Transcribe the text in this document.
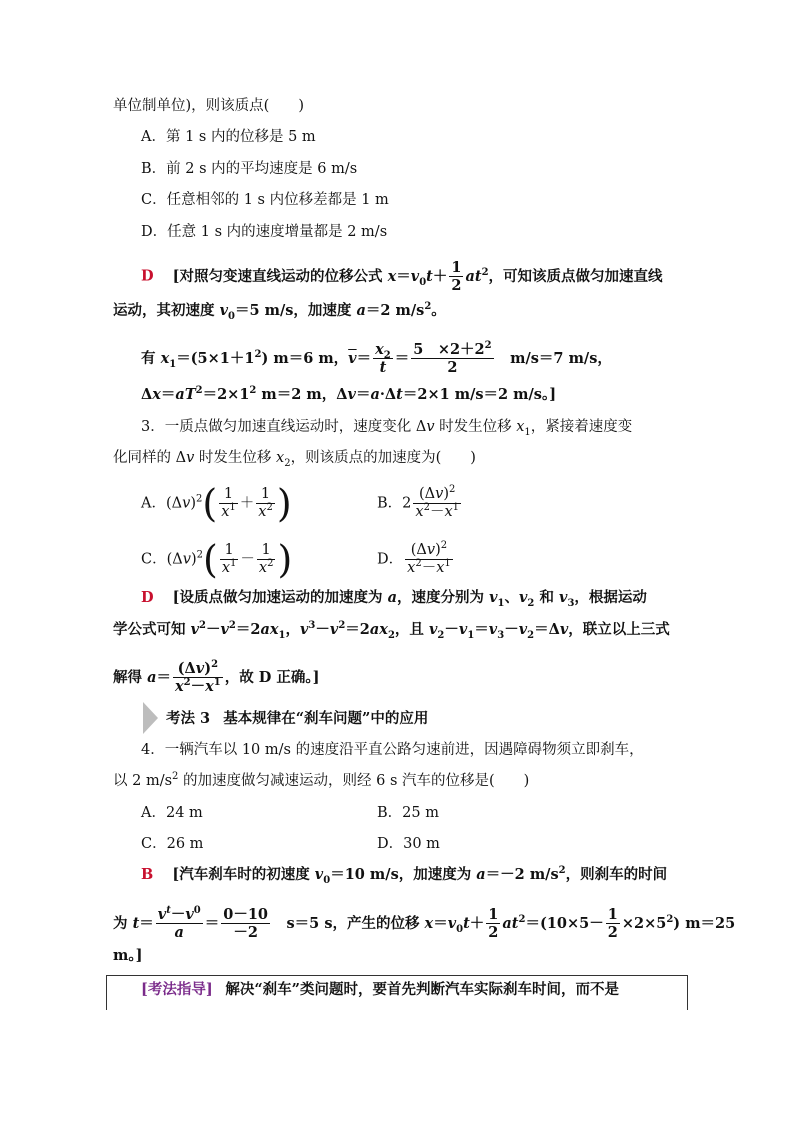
单位制单位)，则该质点(　　)
A．第 1 s 内的位移是 5 m
B．前 2 s 内的平均速度是 6 m/s
C．任意相邻的 1 s 内位移差都是 1 m
D．任意 1 s 内的速度增量都是 2 m/s
D 　[对照匀变速直线运动的位移公式 $x=v_0t+ \frac{1}{2} at^2$，可知该质点做匀加速直线
运动，其初速度 $v_0=5$ m/s，加速度 a＝2 $m/s^2$。
有 $x_1=(5\times 1+1^2)$ m＝6 m，$\overline{v}= \frac{x_2}{t} = \frac{5 \times 2+2^2}{2}$ 　m/s＝7 m/s，
$\Delta x=aT^2=2\times 1^2$ m＝2 m，Δv＝a·Δt＝2×1 m/s＝2 m/s。]
3．一质点做匀加速直线运动时，速度变化 Δv 时发生位移 $x_1$，紧接着速度变
化同样的 Δv 时发生位移 $x_2$，则该质点的加速度为(　　)
A．$(\Delta v)^2( \frac{1}{x^1} + \frac{1}{x^2}$ )	B．$2 \frac{(\Delta v)^2}{x^2-x^1}$
C．$(\Delta v)^2( \frac{1}{x^1} - \frac{1}{x^2}$ )	D． $\frac{(\Delta v)^2}{x^2-x^1}$
D 　[设质点做匀加速运动的加速度为 a，速度分别为 $v_1$、$v_2$ 和 $v_3$，根据运动
学公式可知 $v^2-v^2=2ax_1$，$v^3-v^2=2ax_2$，且 $v_2-v_1=v_3-v_2=\Delta v$，联立以上三式
解得 $a= \frac{(\Delta v)^2}{x^2-x^1}$ ，故 D 正确。]
考法 3 基本规律在“刹车问题”中的应用
4．一辆汽车以 10 m/s 的速度沿平直公路匀速前进，因遇障碍物须立即刹车，
以 2 $m/s^2$ 的加速度做匀减速运动，则经 6 s 汽车的位移是(　　)
A．24 m	B．25 m
C．26 m	D．30 m
B 　[汽车刹车时的初速度 $v_0=10$ m/s，加速度为 a＝－2 $m/s^2$，则刹车的时间
为 $t= \frac{v^t-v^0}{a} = \frac{0-10}{-2}$ 　s＝5 s，产生的位移 $x=v_0t+ \frac{1}{2} at^2=(10\times 5- \frac{1}{2} \times 2\times 5^2)$ m＝25
m。]
[考法指导] 解决“刹车”类问题时，要首先判断汽车实际刹车时间，而不是
